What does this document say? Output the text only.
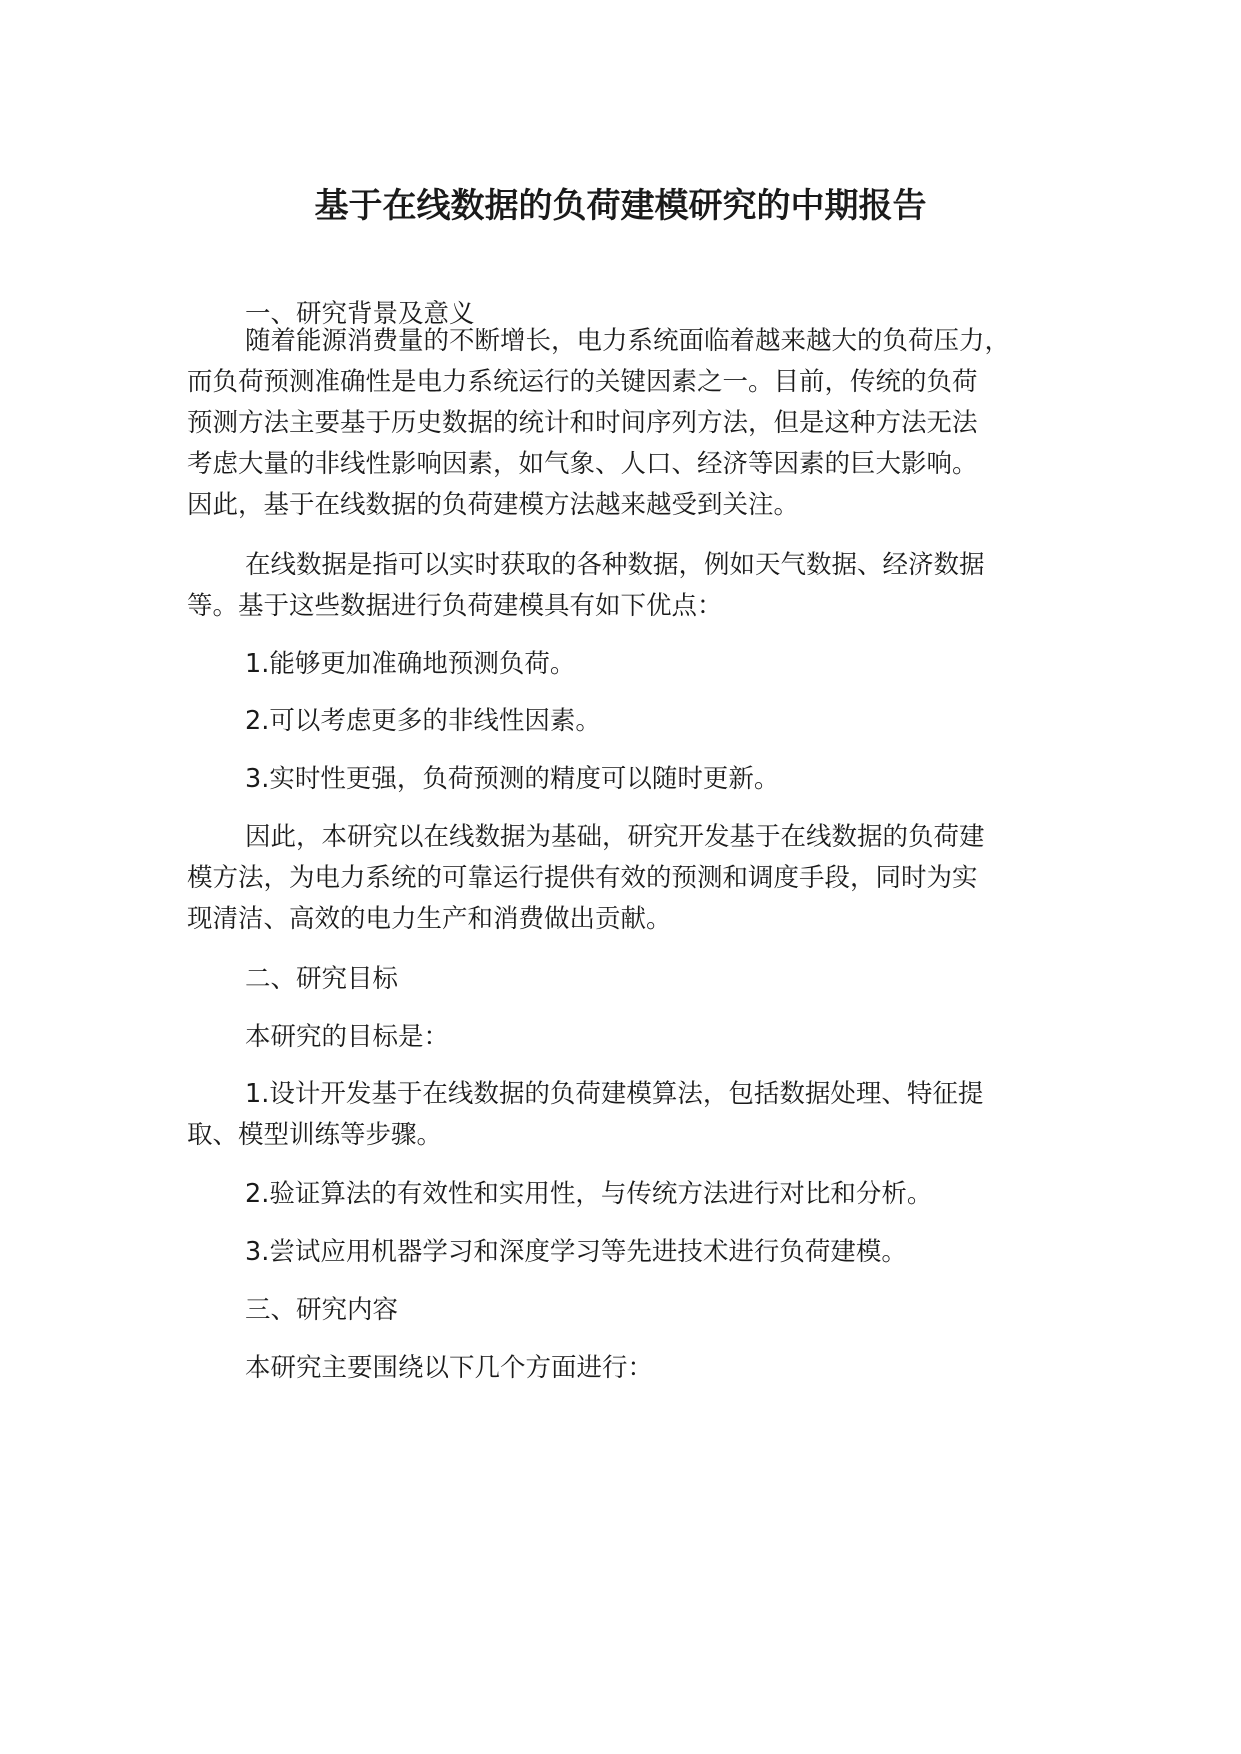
基于在线数据的负荷建模研究的中期报告

一、研究背景及意义

随着能源消费量的不断增长，电力系统面临着越来越大的负荷压力，

而负荷预测准确性是电力系统运行的关键因素之一。目前，传统的负荷

预测方法主要基于历史数据的统计和时间序列方法，但是这种方法无法

考虑大量的非线性影响因素，如气象、人口、经济等因素的巨大影响。

因此，基于在线数据的负荷建模方法越来越受到关注。

在线数据是指可以实时获取的各种数据，例如天气数据、经济数据

等。基于这些数据进行负荷建模具有如下优点：

1.能够更加准确地预测负荷。

2.可以考虑更多的非线性因素。

3.实时性更强，负荷预测的精度可以随时更新。

因此，本研究以在线数据为基础，研究开发基于在线数据的负荷建

模方法，为电力系统的可靠运行提供有效的预测和调度手段，同时为实

现清洁、高效的电力生产和消费做出贡献。

二、研究目标

本研究的目标是：

1.设计开发基于在线数据的负荷建模算法，包括数据处理、特征提

取、模型训练等步骤。

2.验证算法的有效性和实用性，与传统方法进行对比和分析。

3.尝试应用机器学习和深度学习等先进技术进行负荷建模。

三、研究内容

本研究主要围绕以下几个方面进行：
